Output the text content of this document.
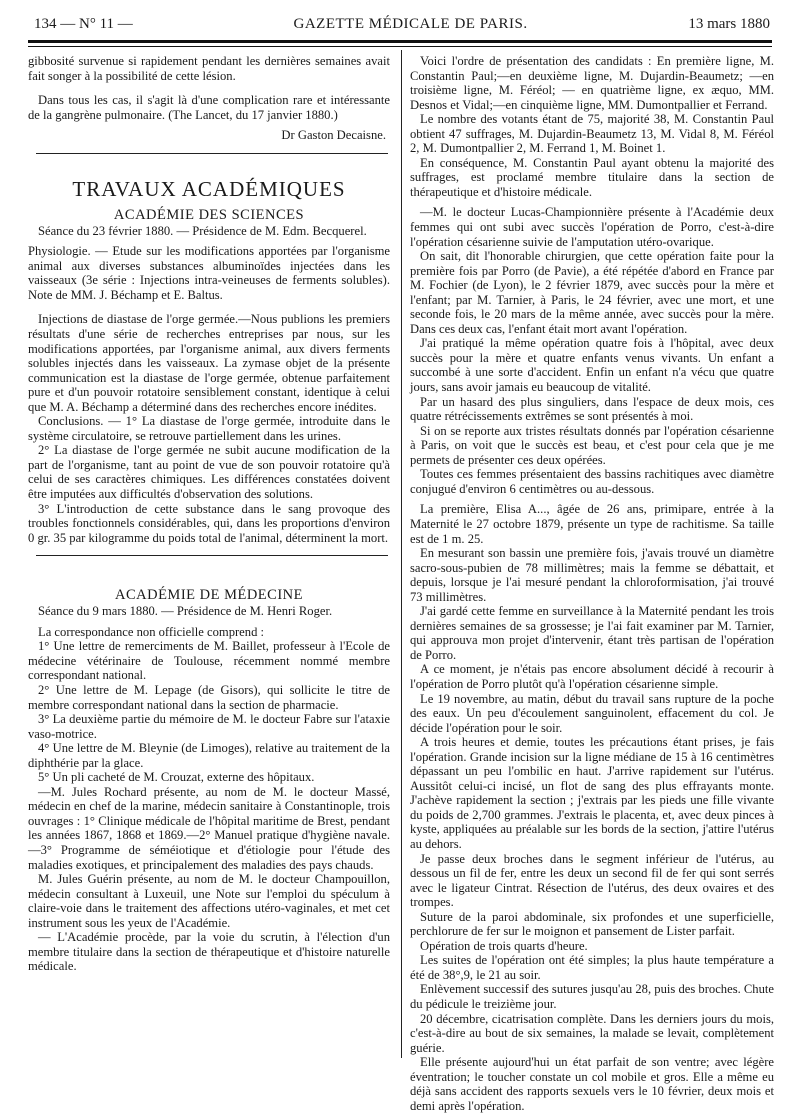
134 — N° 11 —	GAZETTE MÉDICALE DE PARIS.	13 mars 1880

gibbosité survenue si rapidement pendant les dernières semaines avait fait songer à la possibilité de cette lésion.

Dans tous les cas, il s'agit là d'une complication rare et intéressante de la gangrène pulmonaire. (The Lancet, du 17 janvier 1880.)

Dr Gaston Decaisne.
TRAVAUX ACADÉMIQUES
ACADÉMIE DES SCIENCES

Séance du 23 février 1880. — Présidence de M. Edm. Becquerel.

Physiologie. — Etude sur les modifications apportées par l'organisme animal aux diverses substances albuminoïdes injectées dans les vaisseaux (3e série : Injections intra-veineuses de ferments solubles). Note de MM. J. Béchamp et E. Baltus.

Injections de diastase de l'orge germée.—Nous publions les premiers résultats d'une série de recherches entreprises par nous, sur les modifications apportées, par l'organisme animal, aux divers ferments solubles injectés dans les vaisseaux. La zymase objet de la présente communication est la diastase de l'orge germée, obtenue parfaitement pure et d'un pouvoir rotatoire sensiblement constant, identique à celui que M. A. Béchamp a déterminé dans des recherches encore inédites.

Conclusions. — 1° La diastase de l'orge germée, introduite dans le système circulatoire, se retrouve partiellement dans les urines.

2° La diastase de l'orge germée ne subit aucune modification de la part de l'organisme, tant au point de vue de son pouvoir rotatoire qu'à celui de ses caractères chimiques. Les différences constatées doivent être imputées aux difficultés d'observation des solutions.

3° L'introduction de cette substance dans le sang provoque des troubles fonctionnels considérables, qui, dans les proportions d'environ 0 gr. 35 par kilogramme du poids total de l'animal, déterminent la mort.

ACADÉMIE DE MÉDECINE

Séance du 9 mars 1880. — Présidence de M. Henri Roger.

La correspondance non officielle comprend :

1° Une lettre de remerciments de M. Baillet, professeur à l'Ecole de médecine vétérinaire de Toulouse, récemment nommé membre correspondant national.

2° Une lettre de M. Lepage (de Gisors), qui sollicite le titre de membre correspondant national dans la section de pharmacie.

3° La deuxième partie du mémoire de M. le docteur Fabre sur l'ataxie vaso-motrice.

4° Une lettre de M. Bleynie (de Limoges), relative au traitement de la diphthérie par la glace.

5° Un pli cacheté de M. Crouzat, externe des hôpitaux.

—M. Jules Rochard présente, au nom de M. le docteur Massé, médecin en chef de la marine, médecin sanitaire à Constantinople, trois ouvrages : 1° Clinique médicale de l'hôpital maritime de Brest, pendant les années 1867, 1868 et 1869.—2° Manuel pratique d'hygiène navale.—3° Programme de séméiotique et d'étiologie pour l'étude des maladies exotiques, et principalement des maladies des pays chauds.

M. Jules Guérin présente, au nom de M. le docteur Champouillon, médecin consultant à Luxeuil, une Note sur l'emploi du spéculum à claire-voie dans le traitement des affections utéro-vaginales, et met cet instrument sous les yeux de l'Académie.

— L'Académie procède, par la voie du scrutin, à l'élection d'un membre titulaire dans la section de thérapeutique et d'histoire naturelle médicale.

Voici l'ordre de présentation des candidats : En première ligne, M. Constantin Paul;—en deuxième ligne, M. Dujardin-Beaumetz; —en troisième ligne, M. Féréol; — en quatrième ligne, ex æquo, MM. Desnos et Vidal;—en cinquième ligne, MM. Dumontpallier et Ferrand.

Le nombre des votants étant de 75, majorité 38, M. Constantin Paul obtient 47 suffrages, M. Dujardin-Beaumetz 13, M. Vidal 8, M. Féréol 2, M. Dumontpallier 2, M. Ferrand 1, M. Boinet 1.

En conséquence, M. Constantin Paul ayant obtenu la majorité des suffrages, est proclamé membre titulaire dans la section de thérapeutique et d'histoire médicale.

—M. le docteur Lucas-Championnière présente à l'Académie deux femmes qui ont subi avec succès l'opération de Porro, c'est-à-dire l'opération césarienne suivie de l'amputation utéro-ovarique.

On sait, dit l'honorable chirurgien, que cette opération faite pour la première fois par Porro (de Pavie), a été répétée d'abord en France par M. Fochier (de Lyon), le 2 février 1879, avec succès pour la mère et l'enfant; par M. Tarnier, à Paris, le 24 février, avec une mort, et une seconde fois, le 20 mars de la même année, avec succès pour la mère. Dans ces deux cas, l'enfant était mort avant l'opération.

J'ai pratiqué la même opération quatre fois à l'hôpital, avec deux succès pour la mère et quatre enfants venus vivants. Un enfant a succombé à une sorte d'accident. Enfin un enfant n'a vécu que quatre jours, sans avoir jamais eu beaucoup de vitalité.

Par un hasard des plus singuliers, dans l'espace de deux mois, ces quatre rétrécissements extrêmes se sont présentés à moi.

Si on se reporte aux tristes résultats donnés par l'opération césarienne à Paris, on voit que le succès est beau, et c'est pour cela que je me permets de présenter ces deux opérées.

Toutes ces femmes présentaient des bassins rachitiques avec diamètre conjugué d'environ 6 centimètres ou au-dessous.

La première, Elisa A..., âgée de 26 ans, primipare, entrée à la Maternité le 27 octobre 1879, présente un type de rachitisme. Sa taille est de 1 m. 25.

En mesurant son bassin une première fois, j'avais trouvé un diamètre sacro-sous-pubien de 78 millimètres; mais la femme se débattait, et depuis, lorsque je l'ai mesuré pendant la chloroformisation, j'ai trouvé 73 millimètres.

J'ai gardé cette femme en surveillance à la Maternité pendant les trois dernières semaines de sa grossesse; je l'ai fait examiner par M. Tarnier, qui approuva mon projet d'intervenir, étant très partisan de l'opération de Porro.

A ce moment, je n'étais pas encore absolument décidé à recourir à l'opération de Porro plutôt qu'à l'opération césarienne simple.

Le 19 novembre, au matin, début du travail sans rupture de la poche des eaux. Un peu d'écoulement sanguinolent, effacement du col. Je décide l'opération pour le soir.

A trois heures et demie, toutes les précautions étant prises, je fais l'opération. Grande incision sur la ligne médiane de 15 à 16 centimètres dépassant un peu l'ombilic en haut. J'arrive rapidement sur l'utérus. Aussitôt celui-ci incisé, un flot de sang des plus effrayants monte. J'achève rapidement la section ; j'extrais par les pieds une fille vivante du poids de 2,700 grammes. J'extrais le placenta, et, avec deux pinces à kyste, appliquées au préalable sur les bords de la section, j'attire l'utérus au dehors.

Je passe deux broches dans le segment inférieur de l'utérus, au dessous un fil de fer, entre les deux un second fil de fer qui sont serrés avec le ligateur Cintrat. Résection de l'utérus, des deux ovaires et des trompes.

Suture de la paroi abdominale, six profondes et une superficielle, perchlorure de fer sur le moignon et pansement de Lister parfait.

Opération de trois quarts d'heure.

Les suites de l'opération ont été simples; la plus haute température a été de 38°,9, le 21 au soir.

Enlèvement successif des sutures jusqu'au 28, puis des broches. Chute du pédicule le treizième jour.

20 décembre, cicatrisation complète. Dans les derniers jours du mois, c'est-à-dire au bout de six semaines, la malade se levait, complètement guérie.

Elle présente aujourd'hui un état parfait de son ventre; avec légère éventration; le toucher constate un col mobile et gros. Elle a même eu déjà sans accident des rapports sexuels vers le 10 février, deux mois et demi après l'opération.
